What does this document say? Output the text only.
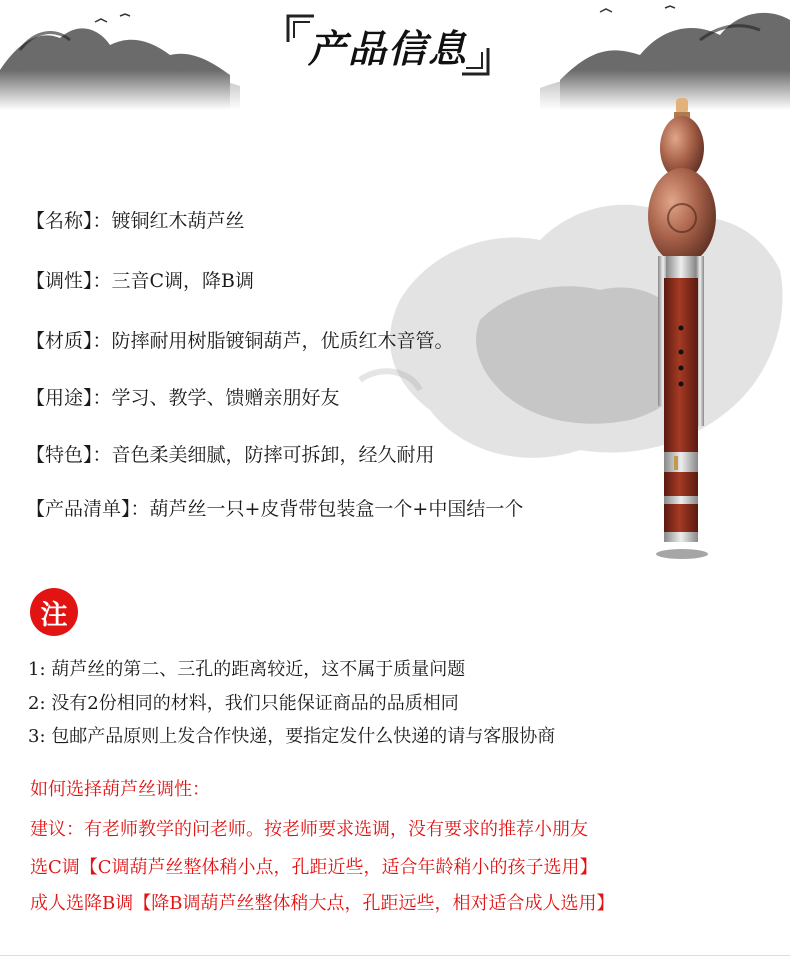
产品信息
【名称】：镀铜红木葫芦丝
【调性】：三音C调，降B调
【材质】：防摔耐用树脂镀铜葫芦，优质红木音管。
【用途】：学习、教学、馈赠亲朋好友
【特色】：音色柔美细腻，防摔可拆卸，经久耐用
【产品清单】：葫芦丝一只+皮背带包装盒一个+中国结一个
注
1: 葫芦丝的第二、三孔的距离较近，这不属于质量问题
2: 没有2份相同的材料，我们只能保证商品的品质相同
3: 包邮产品原则上发合作快递，要指定发什么快递的请与客服协商
如何选择葫芦丝调性：
建议：有老师教学的问老师。按老师要求选调，没有要求的推荐小朋友
选C调【C调葫芦丝整体稍小点，孔距近些，适合年龄稍小的孩子选用】
成人选降B调【降B调葫芦丝整体稍大点，孔距远些，相对适合成人选用】
